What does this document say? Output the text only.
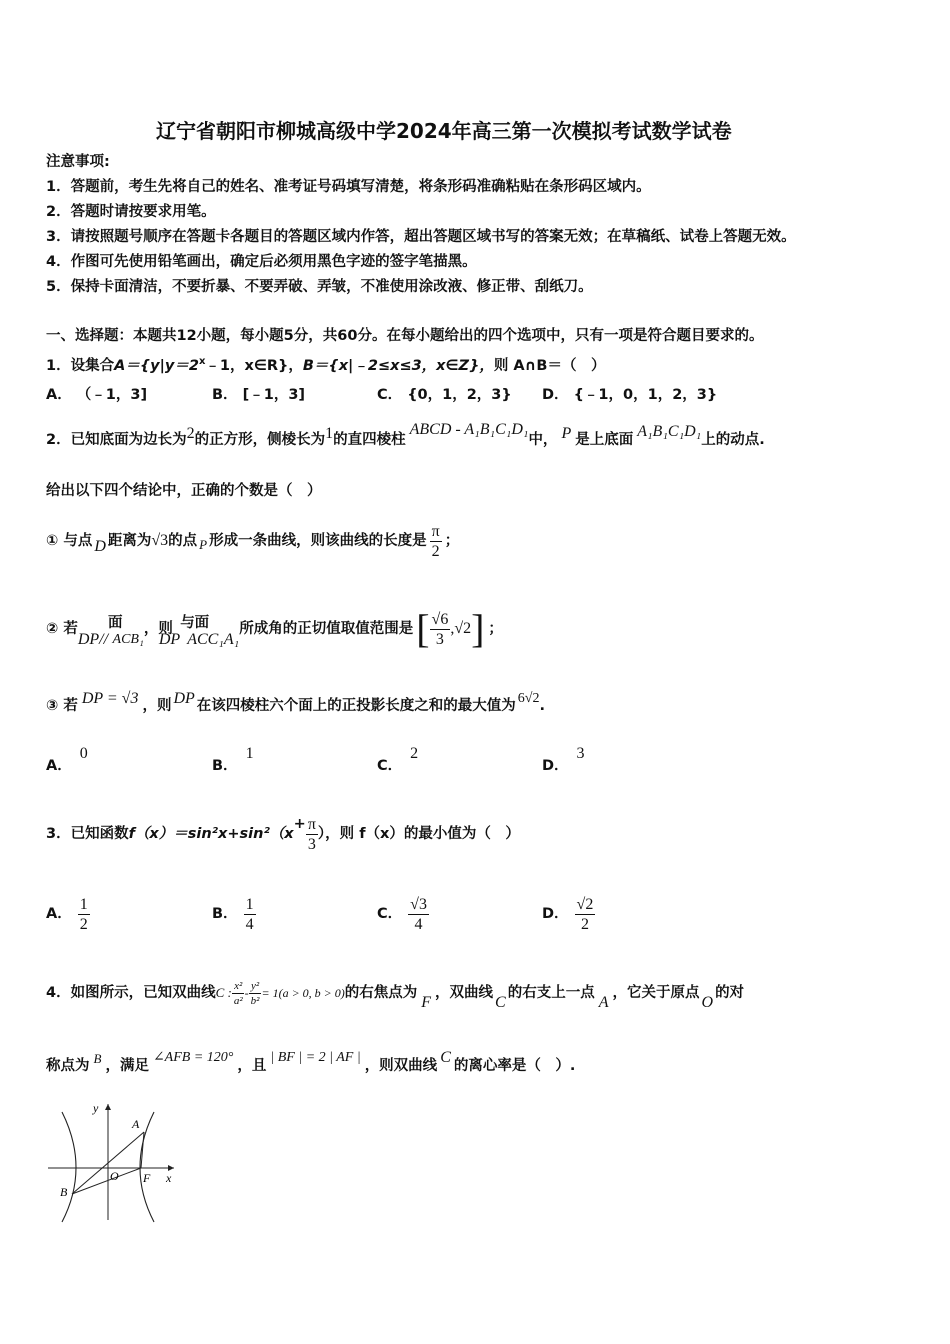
辽宁省朝阳市柳城高级中学2024年高三第一次模拟考试数学试卷
注意事项:
1．答题前，考生先将自己的姓名、准考证号码填写清楚，将条形码准确粘贴在条形码区域内。
2．答题时请按要求用笔。
3．请按照题号顺序在答题卡各题目的答题区域内作答，超出答题区域书写的答案无效；在草稿纸、试卷上答题无效。
4．作图可先使用铅笔画出，确定后必须用黑色字迹的签字笔描黑。
5．保持卡面清洁，不要折暴、不要弄破、弄皱，不准使用涂改液、修正带、刮纸刀。
一、选择题：本题共12小题，每小题5分，共60分。在每小题给出的四个选项中，只有一项是符合题目要求的。
1．设集合$A=\{y|y=2^x﹣1$，x∈R}，B＝{x|﹣2≤x≤3，x∈Z}，则 A∩B＝（　）
A． （﹣1，3]	B． [﹣1，3]	C． {0，1，2，3} D． {﹣1，0，1，2，3}
2．已知底面为边长为2的正方形，侧棱长为1的直四棱柱ABCD - A₁B₁C₁D₁中， P 是上底面 A₁B₁C₁D₁上的动点.
给出以下四个结论中，正确的个数是（　）
① 与点 D 距离为 √3 的点 P 形成一条曲线，则该曲线的长度是 $\frac{\pi}{2}$ ；
② 若
DP//
面
ACB₁
，则
DP
与面
ACC₁A₁
所成角的正切值取值范围是 [ $\frac{√6}{3} ,√2$ ] ；
③ 若 DP = √3 ，则 DP 在该四棱柱六个面上的正投影长度之和的最大值为 6√2 .
A．0
B．1
C．2
D．3
3．已知函数 f（x）＝sin²x+sin²（x
+ $\frac{\pi}{3}$ ），则 f（x）的最小值为（　）
A． $\frac{1}{2}$	B． $\frac{1}{4}$	C． $\frac{√3}{4}$	D． $\frac{√2}{2}$
4．如图所示，已知双曲线 C : $\frac{\text{x²}}{\text{a²}} - \frac{\text{y²}}{\text{b²}} = 1(a > 0$, b > 0) 的右焦点为
F
，双曲线
C
的右支上一点
A
，它关于原点
O
的对
称点为 B ，满足
∠AFB = 120°
，且
| BF | = 2 | AF |
，则双曲线 C 的离心率是（　）.
y
x
A
B
O F
